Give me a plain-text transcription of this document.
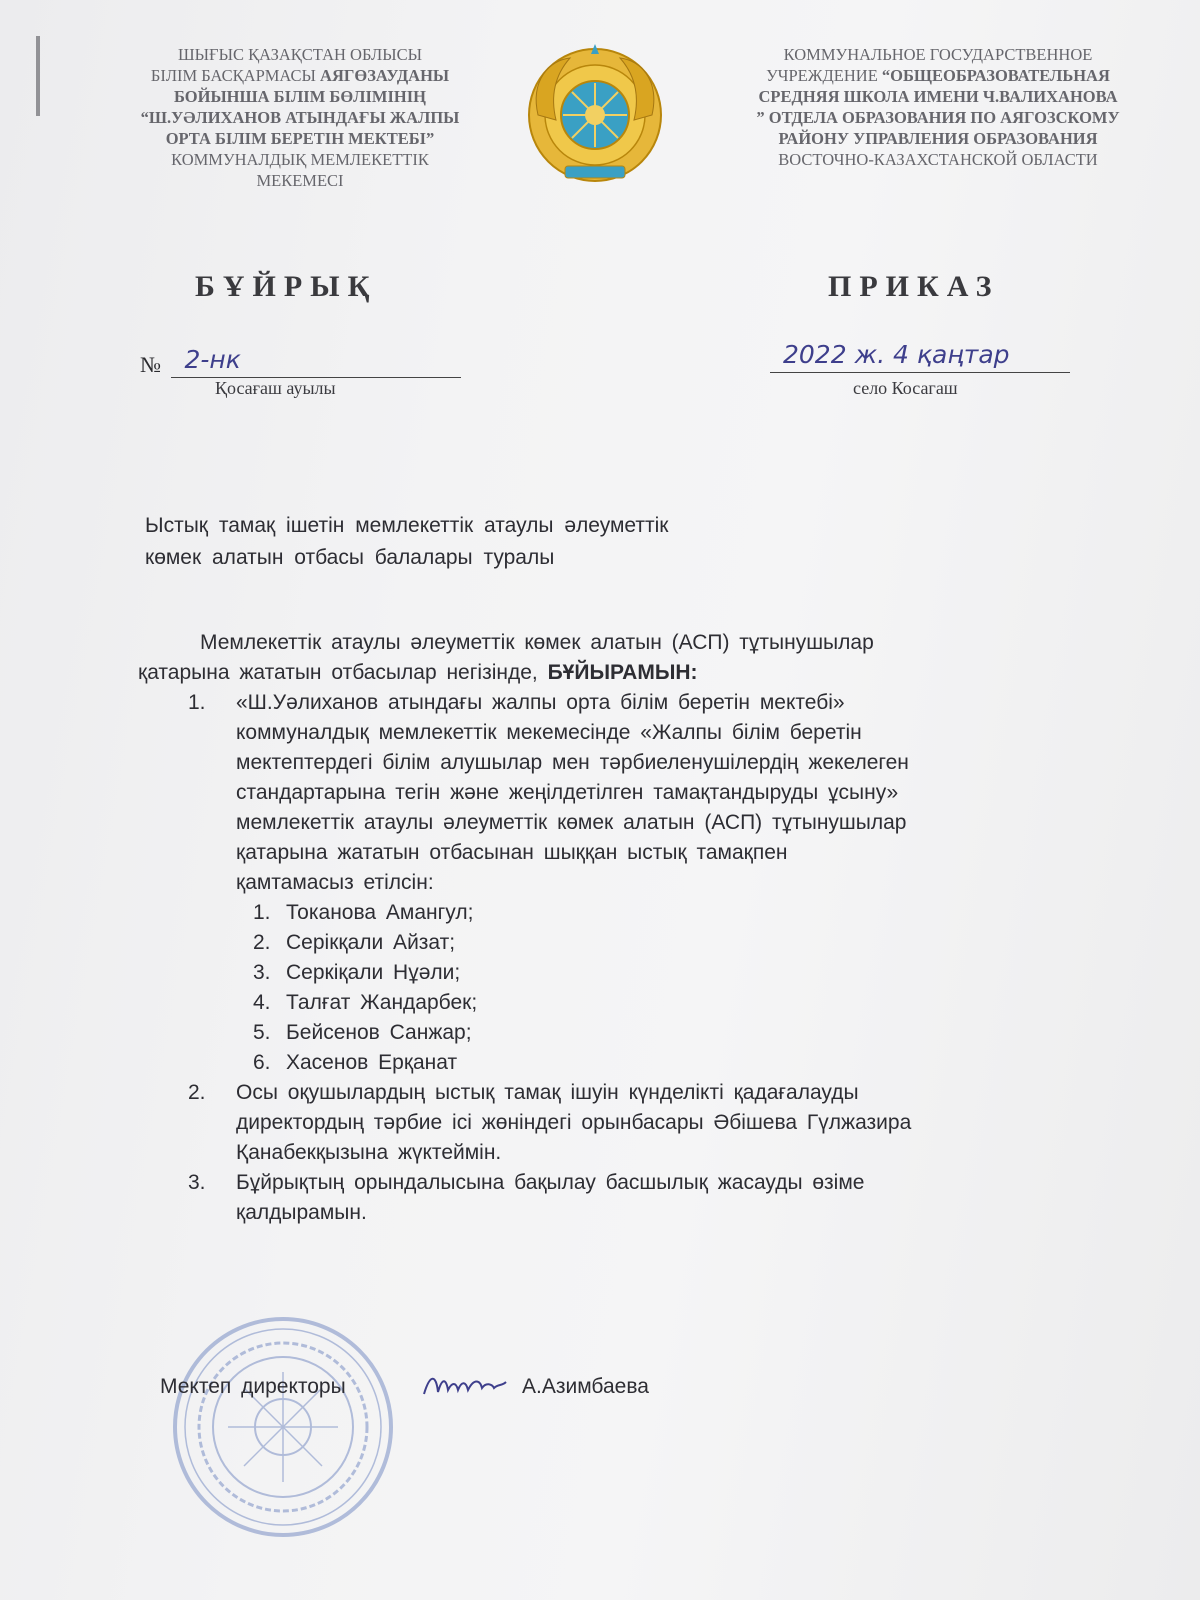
ШЫҒЫС ҚАЗАҚСТАН ОБЛЫСЫ
БІЛІМ БАСҚАРМАСЫ АЯГӨЗАУДАНЫ
БОЙЫНША БІЛІМ БӨЛІМІНІҢ
“Ш.УӘЛИХАНОВ АТЫНДАҒЫ ЖАЛПЫ
ОРТА БІЛІМ БЕРЕТІН МЕКТЕБІ”
КОММУНАЛДЫҚ МЕМЛЕКЕТТІК
МЕКЕМЕСІ
КОММУНАЛЬНОЕ ГОСУДАРСТВЕННОЕ
УЧРЕЖДЕНИЕ “ОБЩЕОБРАЗОВАТЕЛЬНАЯ
СРЕДНЯЯ ШКОЛА ИМЕНИ Ч.ВАЛИХАНОВА
” ОТДЕЛА ОБРАЗОВАНИЯ ПО АЯГОЗСКОМУ
РАЙОНУ УПРАВЛЕНИЯ ОБРАЗОВАНИЯ
ВОСТОЧНО-КАЗАХСТАНСКОЙ ОБЛАСТИ
БҰЙРЫҚ	ПРИКАЗ
№ 2-нк	2022 ж. 4 қаңтар
Қосағаш ауылы	село Косагаш
Ыстық тамақ ішетін мемлекеттік атаулы әлеуметтік
көмек алатын отбасы балалары туралы
Мемлекеттік атаулы әлеуметтік көмек алатын (АСП) тұтынушылар
қатарына жататын отбасылар негізінде, БҰЙЫРАМЫН:
1. «Ш.Уәлиханов атындағы жалпы орта білім беретін мектебі»
коммуналдық мемлекеттік мекемесінде «Жалпы білім беретін
мектептердегі білім алушылар мен тәрбиеленушілердің жекелеген
стандартарына тегін және жеңілдетілген тамақтандыруды ұсыну»
мемлекеттік атаулы әлеуметтік көмек алатын (АСП) тұтынушылар
қатарына жататын отбасынан шыққан ыстық тамақпен
қамтамасыз етілсін:
1. Токанова Амангул;
2. Серікқали Айзат;
3. Серкіқали Нұәли;
4. Талғат Жандарбек;
5. Бейсенов Санжар;
6. Хасенов Ерқанат
2. Осы оқушылардың ыстық тамақ ішуін күнделікті қадағалауды
директордың тәрбие ісі жөніндегі орынбасары Әбішева Гүлжазира
Қанабекқызына жүктеймін.
3. Бұйрықтың орындалысына бақылау басшылық жасауды өзіме
қалдырамын.
Мектеп директоры	А.Азимбаева
